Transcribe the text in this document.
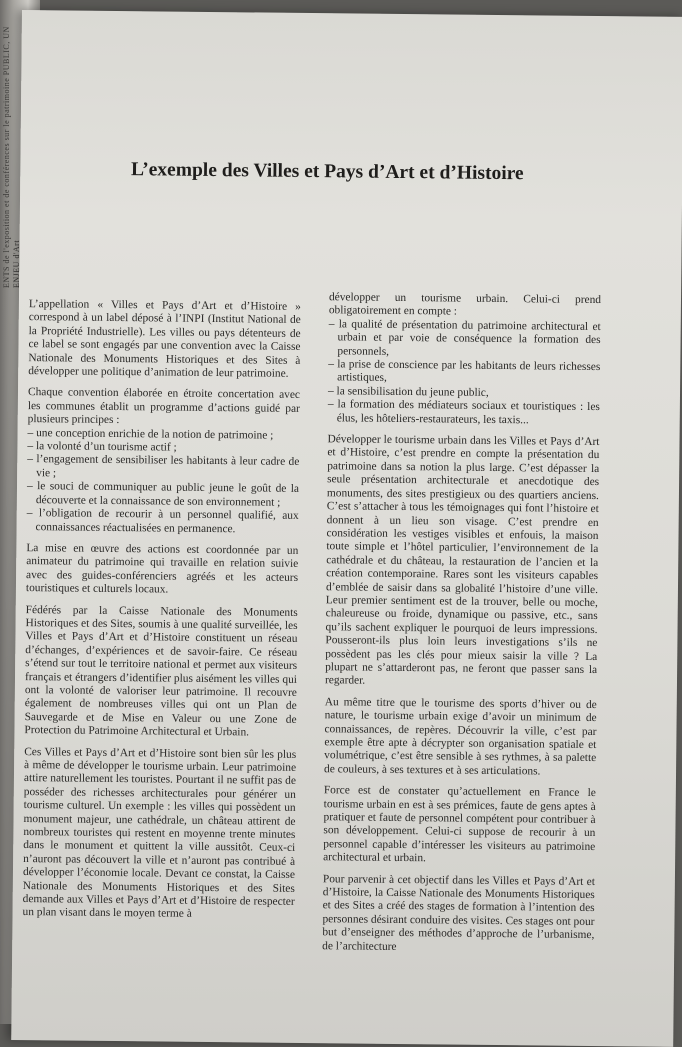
ENTS de l'exposition et de conférences sur le patrimoine PUBLIC, UN ENJEU d'Art
L’exemple des Villes et Pays d’Art et d’Histoire

L’appellation « Villes et Pays d’Art et d’Histoire » correspond à un label déposé à l’INPI (Institut National de la Propriété Industrielle). Les villes ou pays détenteurs de ce label se sont engagés par une convention avec la Caisse Nationale des Monuments Historiques et des Sites à développer une politique d’animation de leur patrimoine.

Chaque convention élaborée en étroite concertation avec les communes établit un programme d’actions guidé par plusieurs principes :

– une conception enrichie de la notion de patrimoine ;
– la volonté d’un tourisme actif ;
– l’engagement de sensibiliser les habitants à leur cadre de vie ;
– le souci de communiquer au public jeune le goût de la découverte et la connaissance de son environnement ;
– l’obligation de recourir à un personnel qualifié, aux connaissances réactualisées en permanence.

La mise en œuvre des actions est coordonnée par un animateur du patrimoine qui travaille en relation suivie avec des guides-conférenciers agréés et les acteurs touristiques et culturels locaux.

Fédérés par la Caisse Nationale des Monuments Historiques et des Sites, soumis à une qualité surveillée, les Villes et Pays d’Art et d’Histoire constituent un réseau d’échanges, d’expériences et de savoir-faire. Ce réseau s’étend sur tout le territoire national et permet aux visiteurs français et étrangers d’identifier plus aisément les villes qui ont la volonté de valoriser leur patrimoine. Il recouvre également de nombreuses villes qui ont un Plan de Sauvegarde et de Mise en Valeur ou une Zone de Protection du Patrimoine Architectural et Urbain.

Ces Villes et Pays d’Art et d’Histoire sont bien sûr les plus à même de développer le tourisme urbain. Leur patrimoine attire naturellement les touristes. Pourtant il ne suffit pas de posséder des richesses architecturales pour générer un tourisme culturel. Un exemple : les villes qui possèdent un monument majeur, une cathédrale, un château attirent de nombreux touristes qui restent en moyenne trente minutes dans le monument et quittent la ville aussitôt. Ceux-ci n’auront pas découvert la ville et n’auront pas contribué à développer l’économie locale. Devant ce constat, la Caisse Nationale des Monuments Historiques et des Sites demande aux Villes et Pays d’Art et d’Histoire de respecter un plan visant dans le moyen terme à

développer un tourisme urbain. Celui-ci prend obligatoirement en compte :

– la qualité de présentation du patrimoine architectural et urbain et par voie de conséquence la formation des personnels,
– la prise de conscience par les habitants de leurs richesses artistiques,
– la sensibilisation du jeune public,
– la formation des médiateurs sociaux et touristiques : les élus, les hôteliers-restaurateurs, les taxis...

Développer le tourisme urbain dans les Villes et Pays d’Art et d’Histoire, c’est prendre en compte la présentation du patrimoine dans sa notion la plus large. C’est dépasser la seule présentation architecturale et anecdotique des monuments, des sites prestigieux ou des quartiers anciens. C’est s’attacher à tous les témoignages qui font l’histoire et donnent à un lieu son visage. C’est prendre en considération les vestiges visibles et enfouis, la maison toute simple et l’hôtel particulier, l’environnement de la cathédrale et du château, la restauration de l’ancien et la création contemporaine. Rares sont les visiteurs capables d’emblée de saisir dans sa globalité l’histoire d’une ville. Leur premier sentiment est de la trouver, belle ou moche, chaleureuse ou froide, dynamique ou passive, etc., sans qu’ils sachent expliquer le pourquoi de leurs impressions. Pousseront-ils plus loin leurs investigations s’ils ne possèdent pas les clés pour mieux saisir la ville ? La plupart ne s’attarderont pas, ne feront que passer sans la regarder.

Au même titre que le tourisme des sports d’hiver ou de nature, le tourisme urbain exige d’avoir un minimum de connaissances, de repères. Découvrir la ville, c’est par exemple être apte à décrypter son organisation spatiale et volumétrique, c’est être sensible à ses rythmes, à sa palette de couleurs, à ses textures et à ses articulations.

Force est de constater qu’actuellement en France le tourisme urbain en est à ses prémices, faute de gens aptes à pratiquer et faute de personnel compétent pour contribuer à son développement. Celui-ci suppose de recourir à un personnel capable d’intéresser les visiteurs au patrimoine architectural et urbain.

Pour parvenir à cet objectif dans les Villes et Pays d’Art et d’Histoire, la Caisse Nationale des Monuments Historiques et des Sites a créé des stages de formation à l’intention des personnes désirant conduire des visites. Ces stages ont pour but d’enseigner des méthodes d’approche de l’urbanisme, de l’architecture
